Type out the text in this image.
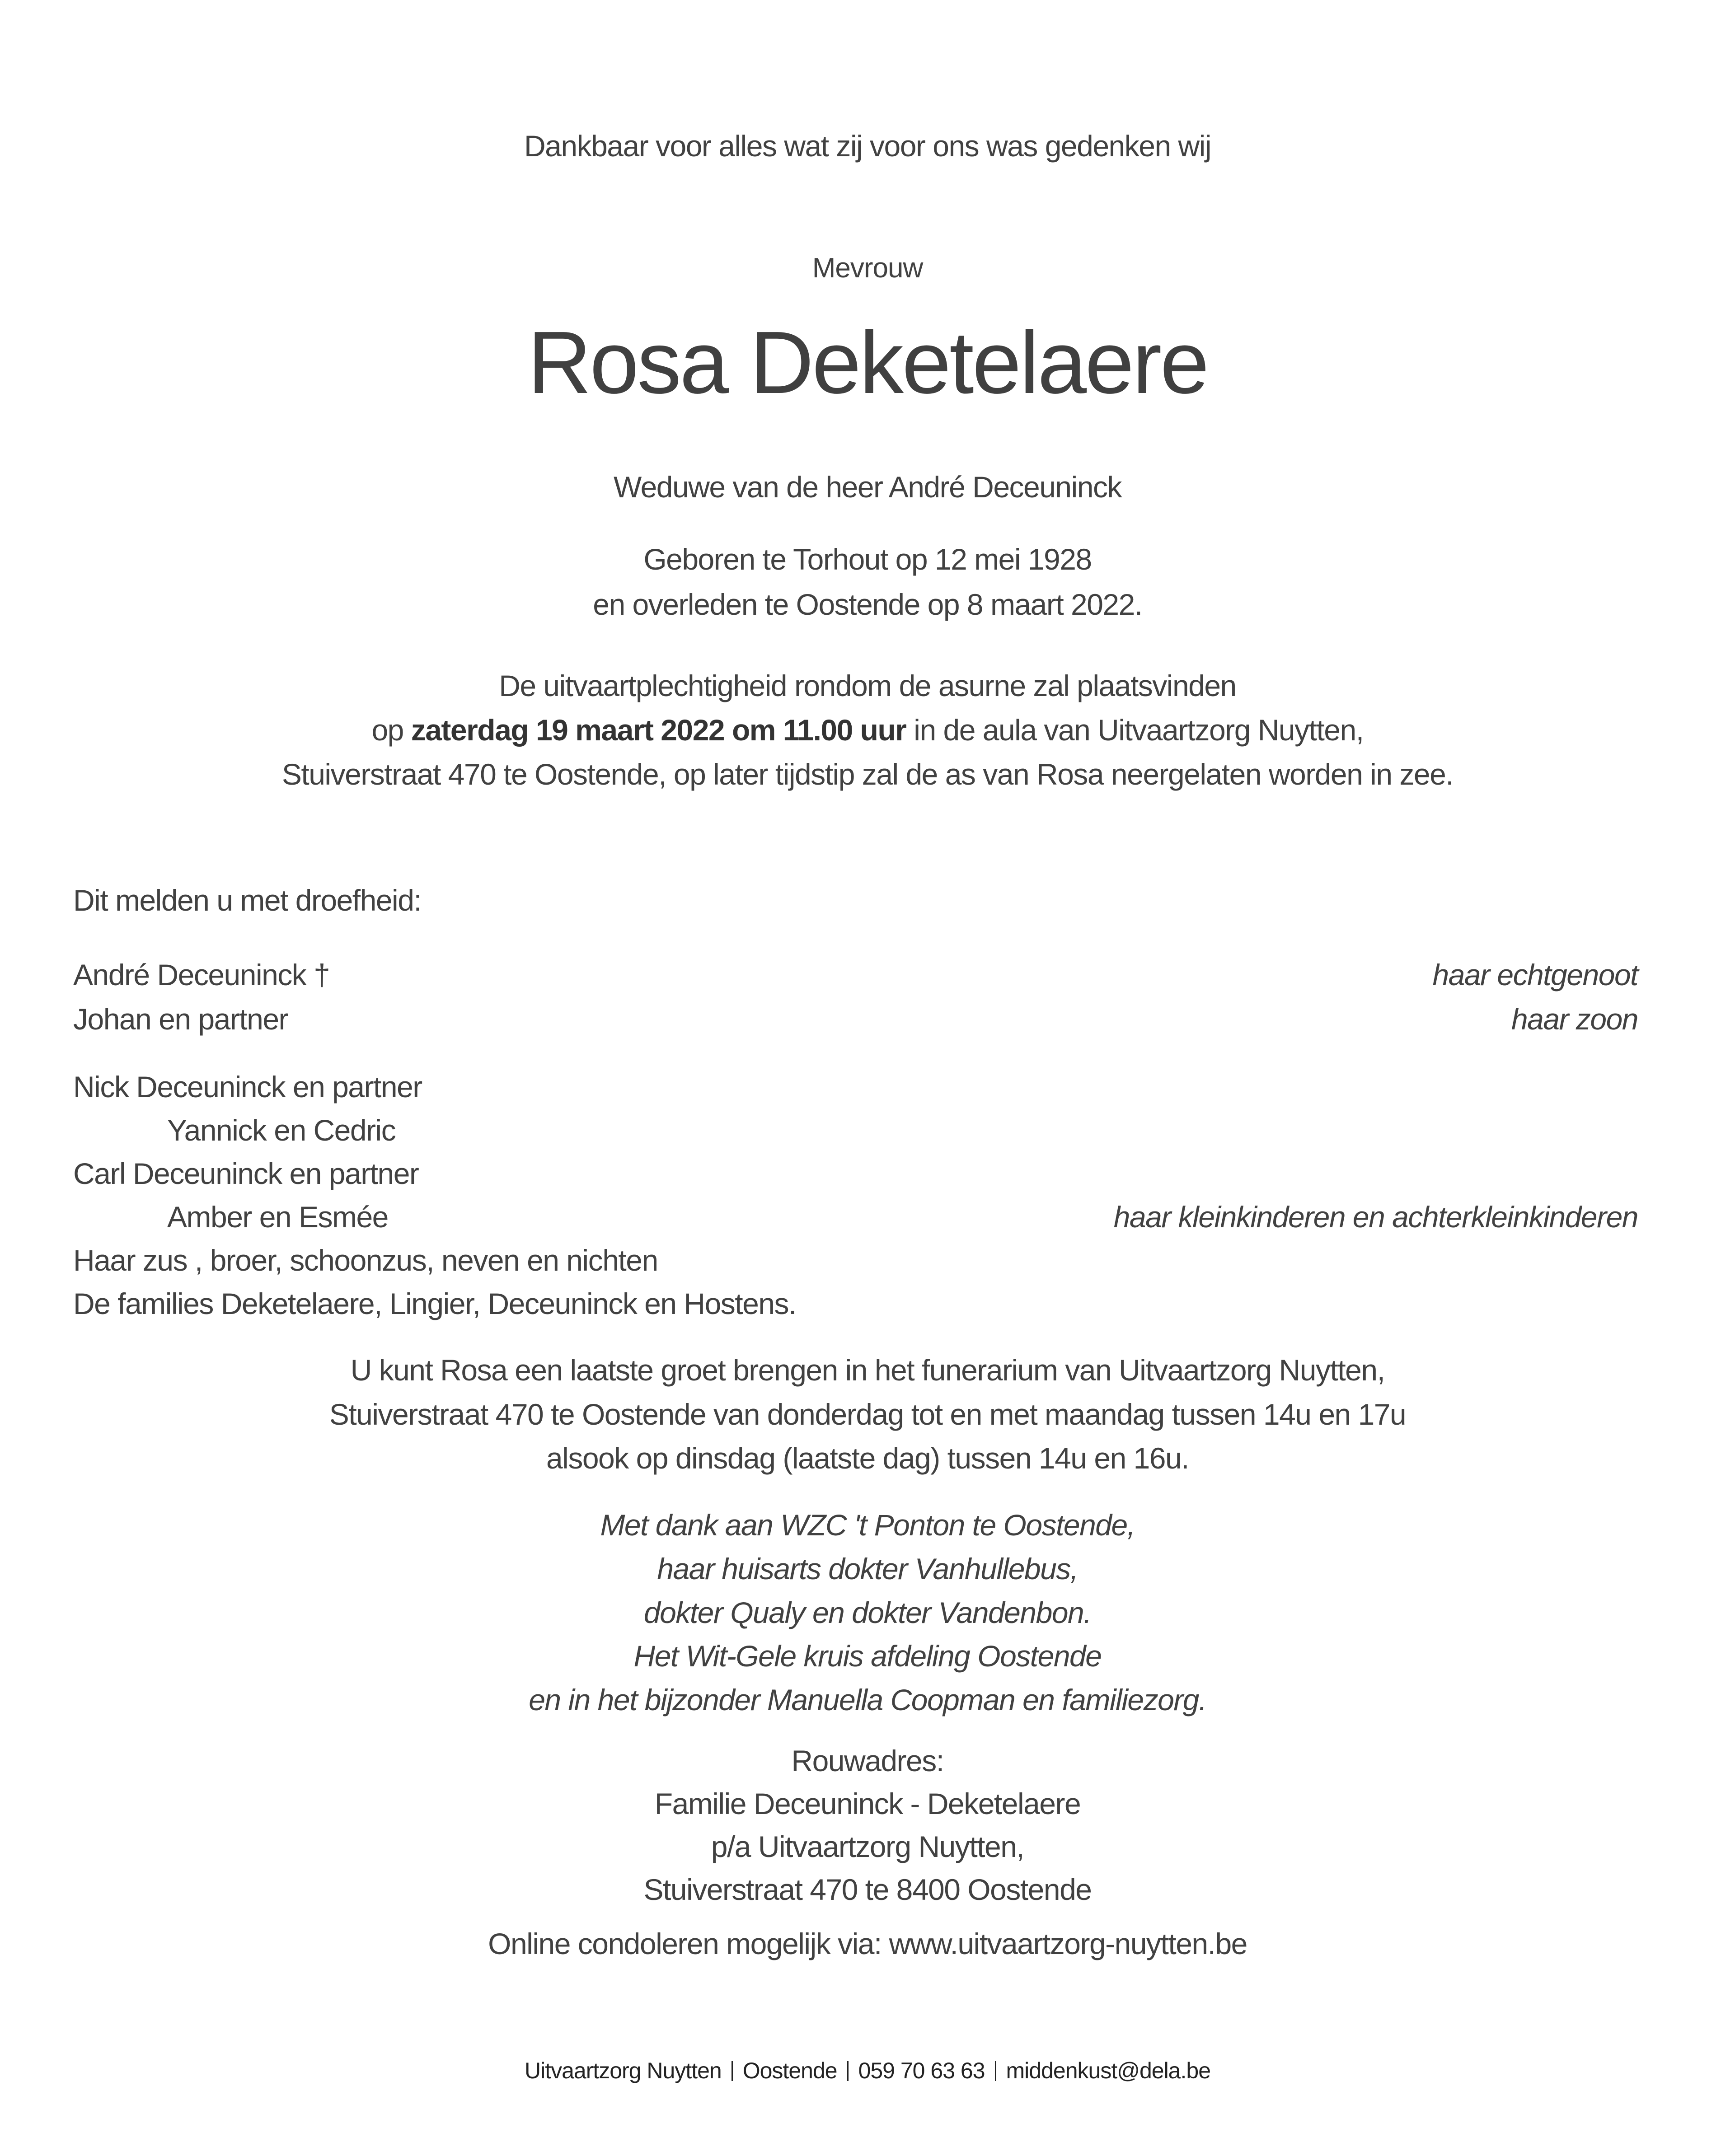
Dankbaar voor alles wat zij voor ons was gedenken wij
Mevrouw
Rosa Deketelaere
Weduwe van de heer André Deceuninck
Geboren te Torhout op 12 mei 1928
en overleden te Oostende op 8 maart 2022.
De uitvaartplechtigheid rondom de asurne zal plaatsvinden
op zaterdag 19 maart 2022 om 11.00 uur in de aula van Uitvaartzorg Nuytten,
Stuiverstraat 470 te Oostende, op later tijdstip zal de as van Rosa neergelaten worden in zee.
Dit melden u met droefheid:
André Deceuninck †	haar echtgenoot
Johan en partner	haar zoon
Nick Deceuninck en partner
Yannick en Cedric
Carl Deceuninck en partner
Amber en Esmée	haar kleinkinderen en achterkleinkinderen
Haar zus , broer, schoonzus, neven en nichten
De families Deketelaere, Lingier, Deceuninck en Hostens.
U kunt Rosa een laatste groet brengen in het funerarium van Uitvaartzorg Nuytten,
Stuiverstraat 470 te Oostende van donderdag tot en met maandag tussen 14u en 17u
alsook op dinsdag (laatste dag) tussen 14u en 16u.
Met dank aan WZC 't Ponton te Oostende,
haar huisarts dokter Vanhullebus,
dokter Qualy en dokter Vandenbon.
Het Wit-Gele kruis afdeling Oostende
en in het bijzonder Manuella Coopman en familiezorg.
Rouwadres:
Familie Deceuninck - Deketelaere
p/a Uitvaartzorg Nuytten,
Stuiverstraat 470 te 8400 Oostende
Online condoleren mogelijk via: www.uitvaartzorg-nuytten.be
Uitvaartzorg Nuytten Oostende 059 70 63 63 middenkust@dela.be
